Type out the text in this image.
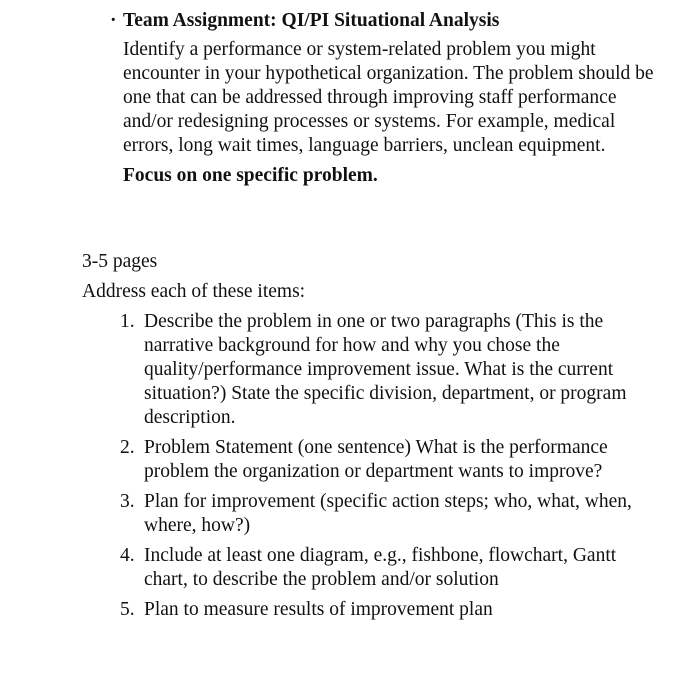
· Team Assignment: QI/PI Situational Analysis

Identify a performance or system-related problem you might encounter in your hypothetical organization. The problem should be one that can be addressed through improving staff performance and/or redesigning processes or systems. For example, medical errors, long wait times, language barriers, unclean equipment.

Focus on one specific problem.

3-5 pages
Address each of these items:
1. Describe the problem in one or two paragraphs (This is the narrative background for how and why you chose the quality/performance improvement issue. What is the current situation?) State the specific division, department, or program description.
2. Problem Statement (one sentence) What is the performance problem the organization or department wants to improve?
3. Plan for improvement (specific action steps; who, what, when, where, how?)
4. Include at least one diagram, e.g., fishbone, flowchart, Gantt chart, to describe the problem and/or solution
5. Plan to measure results of improvement plan
